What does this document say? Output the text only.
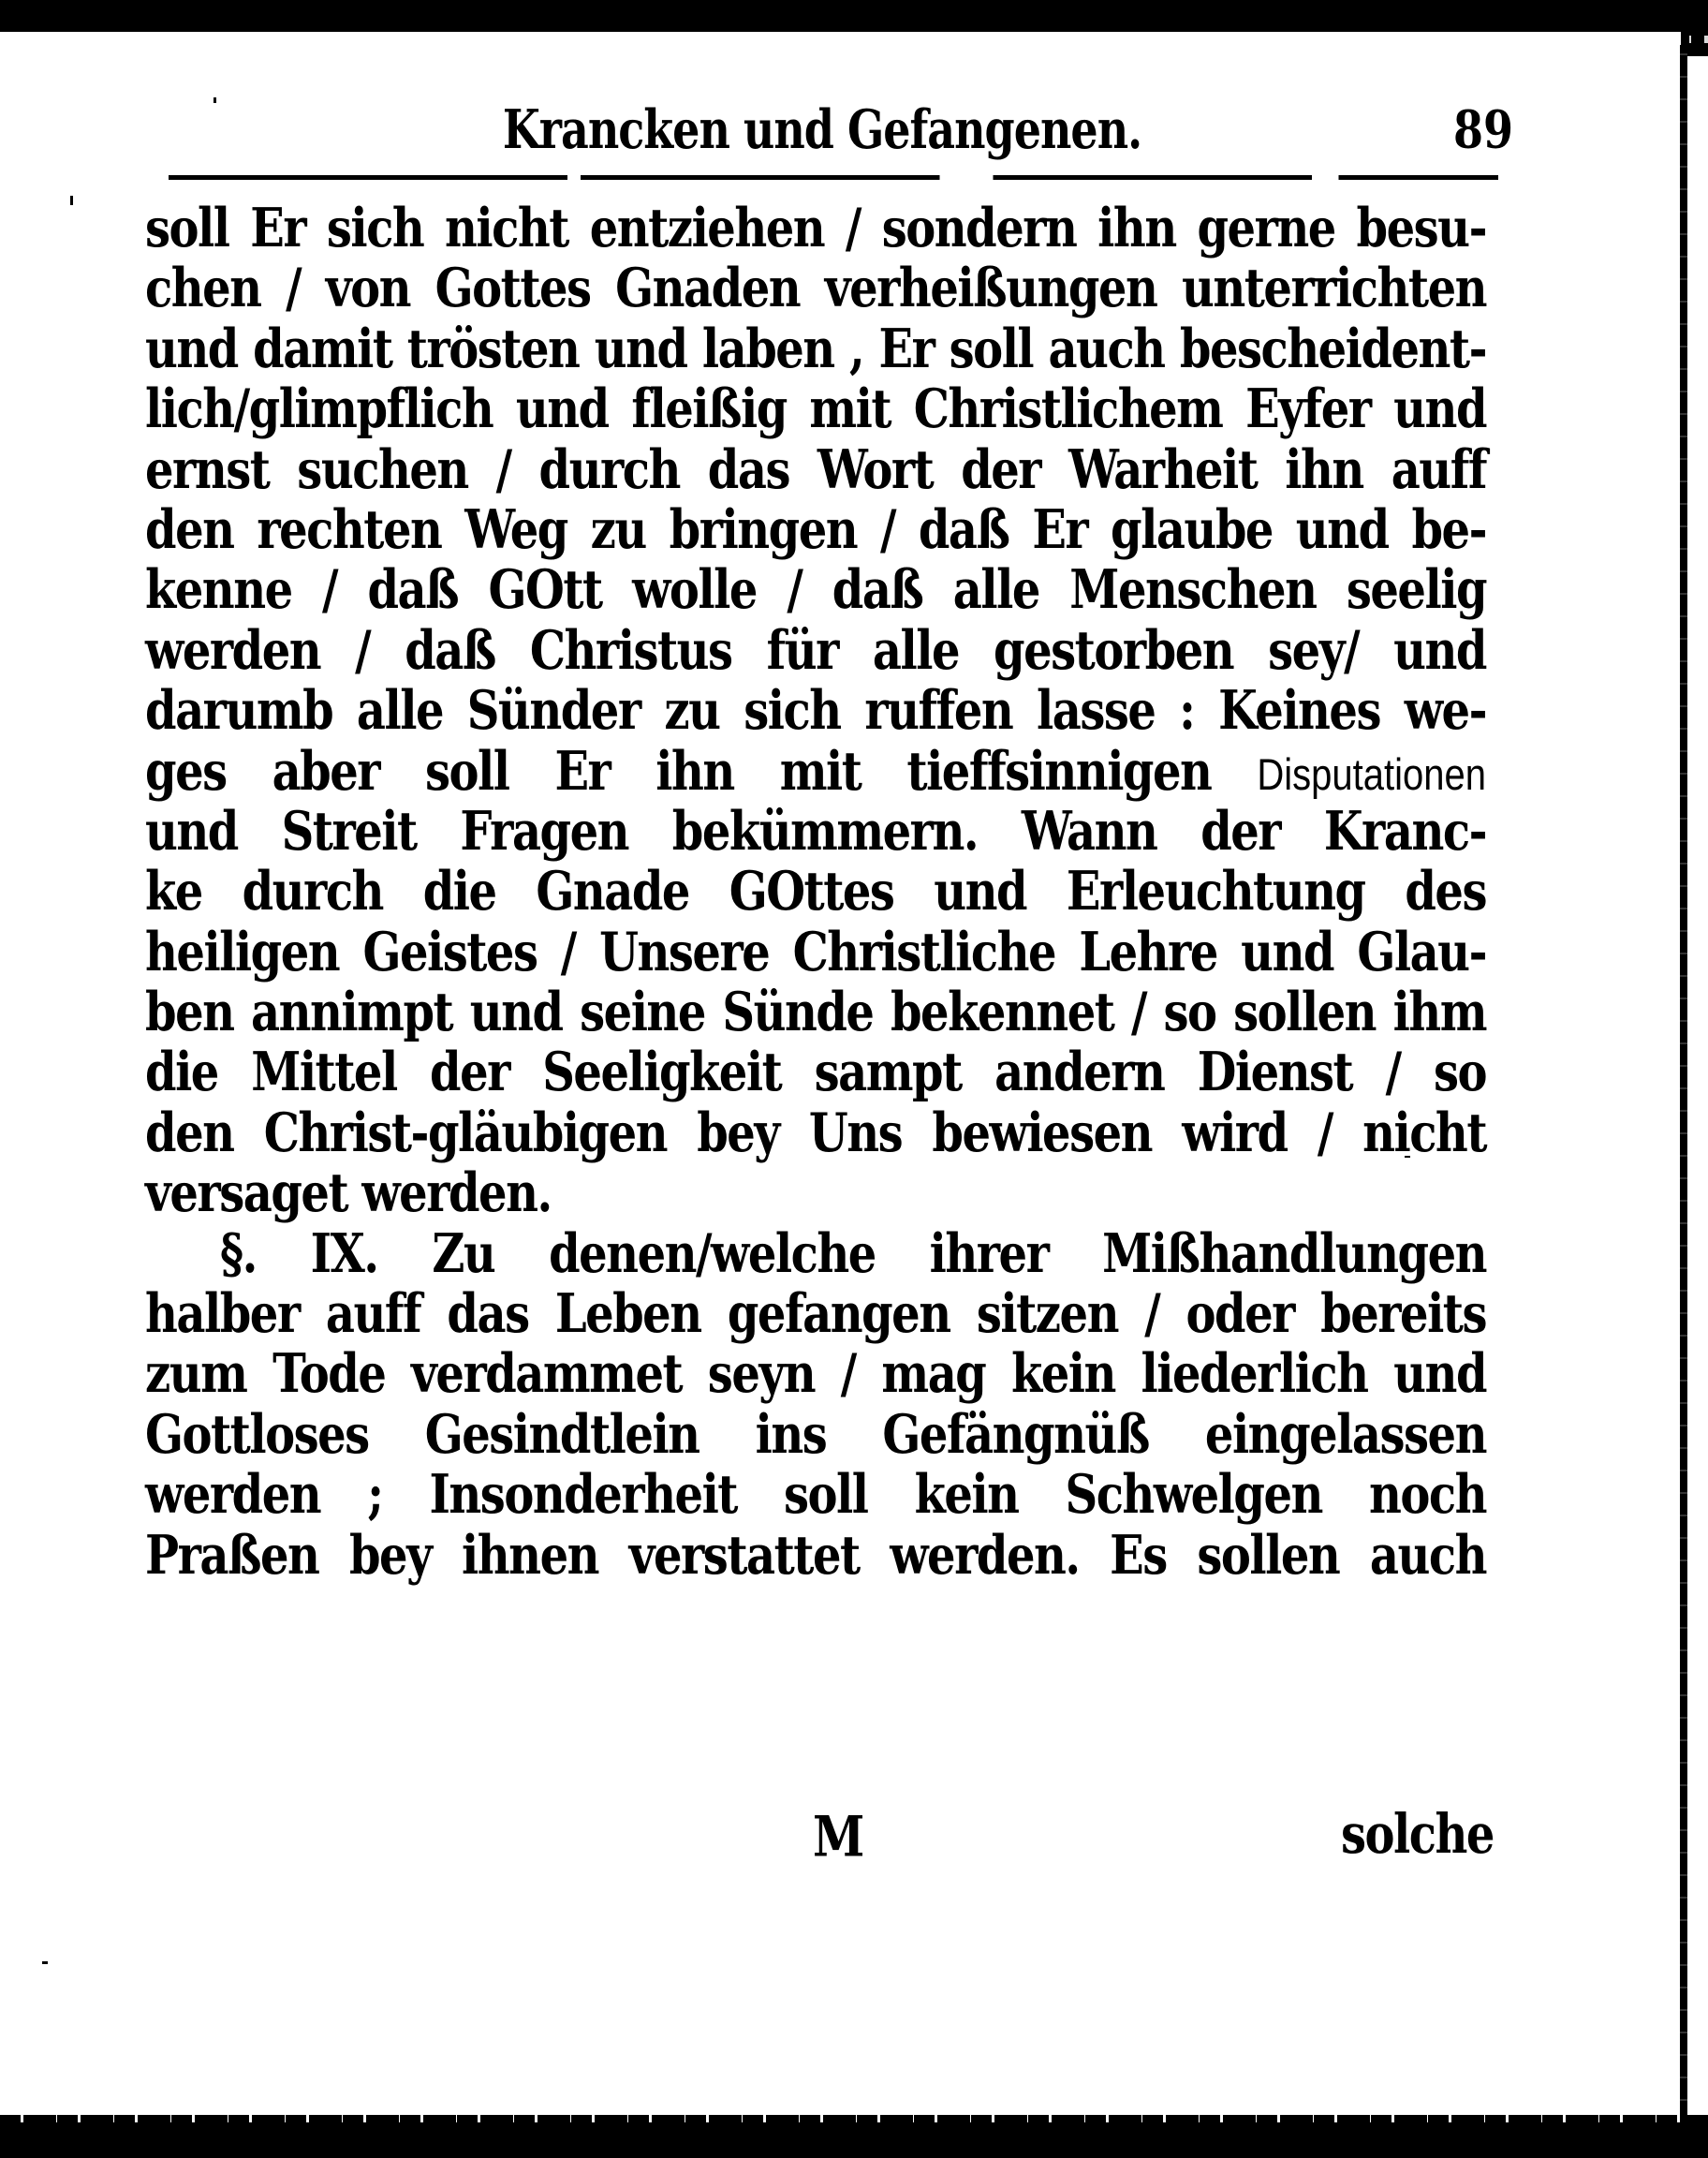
Krancken und Gefangenen.	89
soll Er sich nicht entziehen / sondern ihn gerne besu-
chen / von Gottes Gnaden verheißungen unterrichten
und damit trösten und laben , Er soll auch bescheident-
lich/glimpflich und fleißig mit Christlichem Eyfer und
ernst suchen / durch das Wort der Warheit ihn auff
den rechten Weg zu bringen / daß Er glaube und be-
kenne / daß GOtt wolle / daß alle Menschen seelig
werden / daß Christus für alle gestorben sey/ und
darumb alle Sünder zu sich ruffen lasse : Keines we-
ges aber soll Er ihn mit tieffsinnigen Disputationen
und Streit Fragen bekümmern. Wann der Kranc-
ke durch die Gnade GOttes und Erleuchtung des
heiligen Geistes / Unsere Christliche Lehre und Glau-
ben annimpt und seine Sünde bekennet / so sollen ihm
die Mittel der Seeligkeit sampt andern Dienst / so
den Christ-gläubigen bey Uns bewiesen wird / nicht
versaget werden.
§. IX. Zu denen/welche ihrer Mißhandlungen
halber auff das Leben gefangen sitzen / oder bereits
zum Tode verdammet seyn / mag kein liederlich und
Gottloses Gesindtlein ins Gefängnüß eingelassen
werden ; Insonderheit soll kein Schwelgen noch
Praßen bey ihnen verstattet werden. Es sollen auch
M	solche
